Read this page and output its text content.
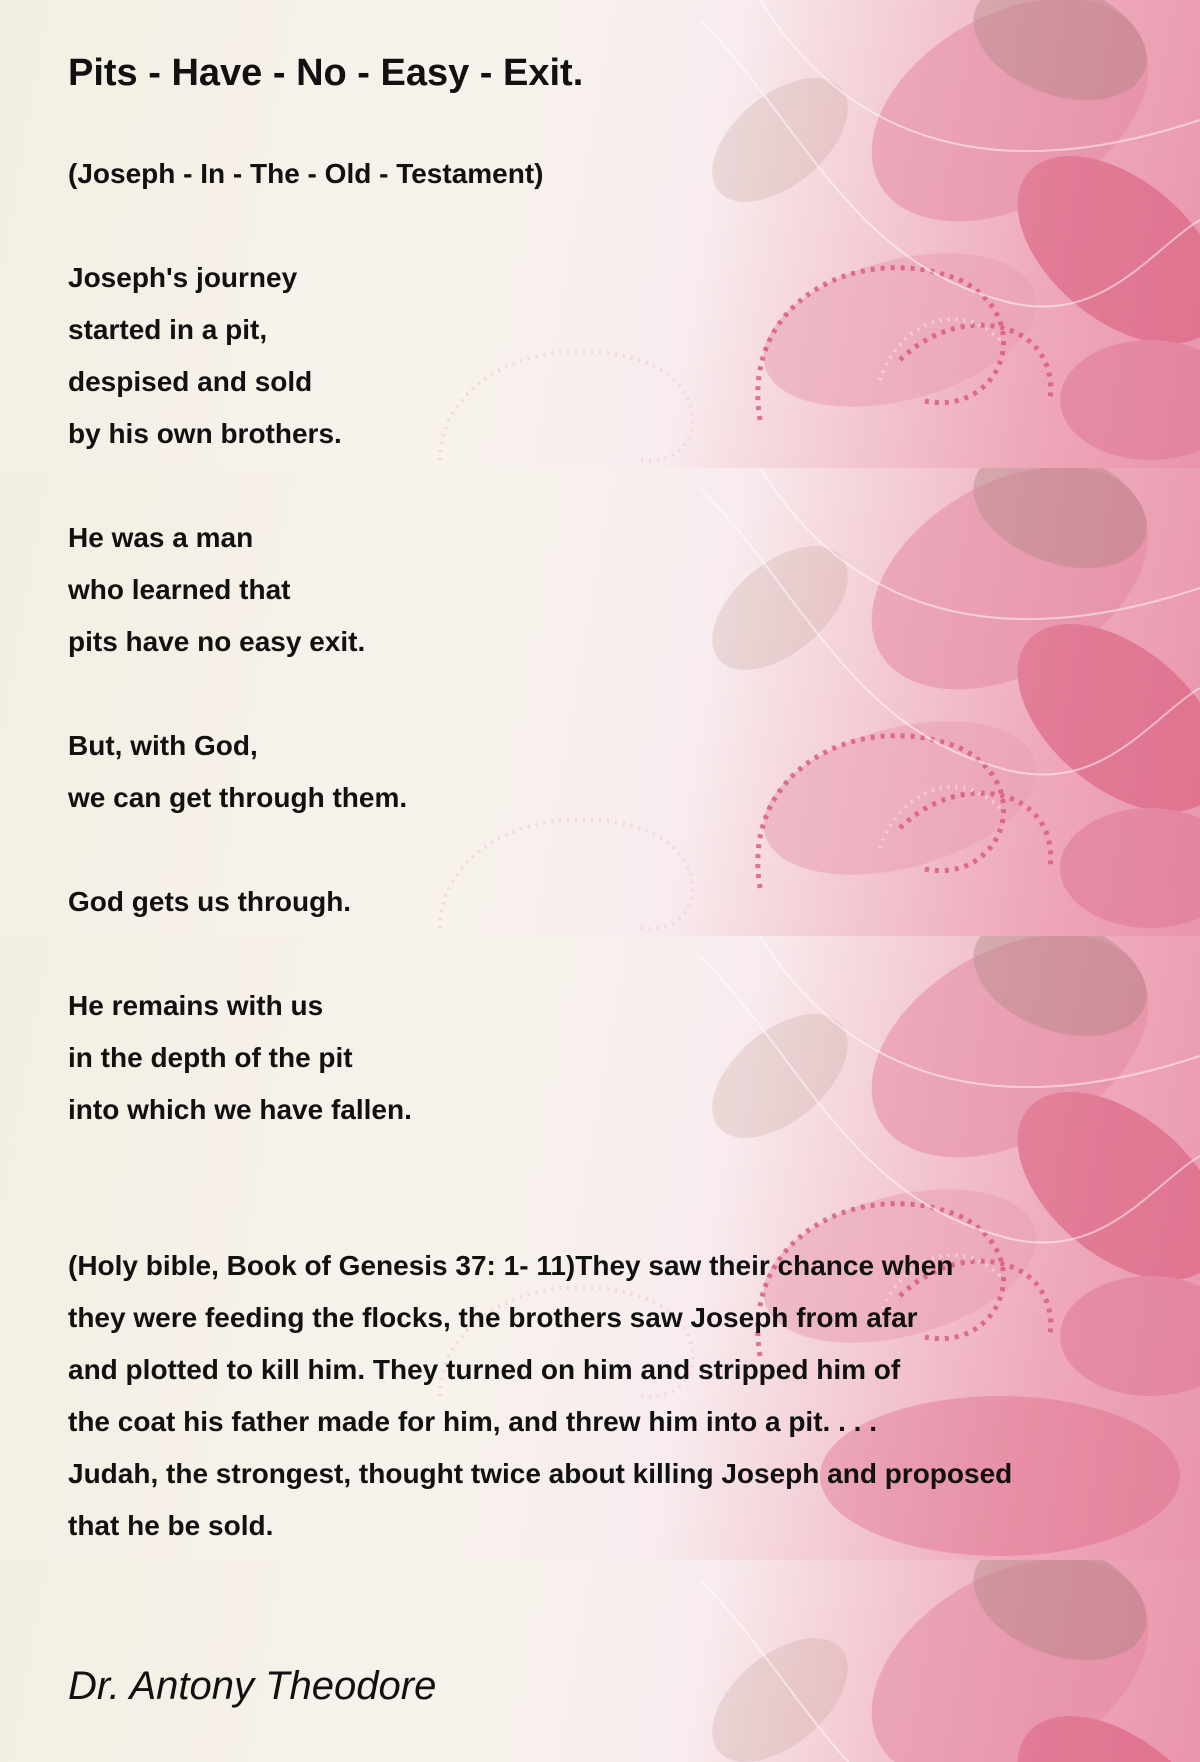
Pits - Have - No - Easy - Exit.

(Joseph - In - The - Old - Testament)

Joseph's journey

started in a pit,

despised and sold

by his own brothers.

He was a man

who learned that

pits have no easy exit.

But, with God,

we can get through them.

God gets us through.

He remains with us

in the depth of the pit

into which we have fallen.

(Holy bible, Book of Genesis 37: 1- 11)They saw their chance when

they were feeding the flocks, the brothers saw Joseph from afar

and plotted to kill him. They turned on him and stripped him of

the coat his father made for him, and threw him into a pit. . . .

Judah, the strongest, thought twice about killing Joseph and proposed

that he be sold.

Dr. Antony Theodore
